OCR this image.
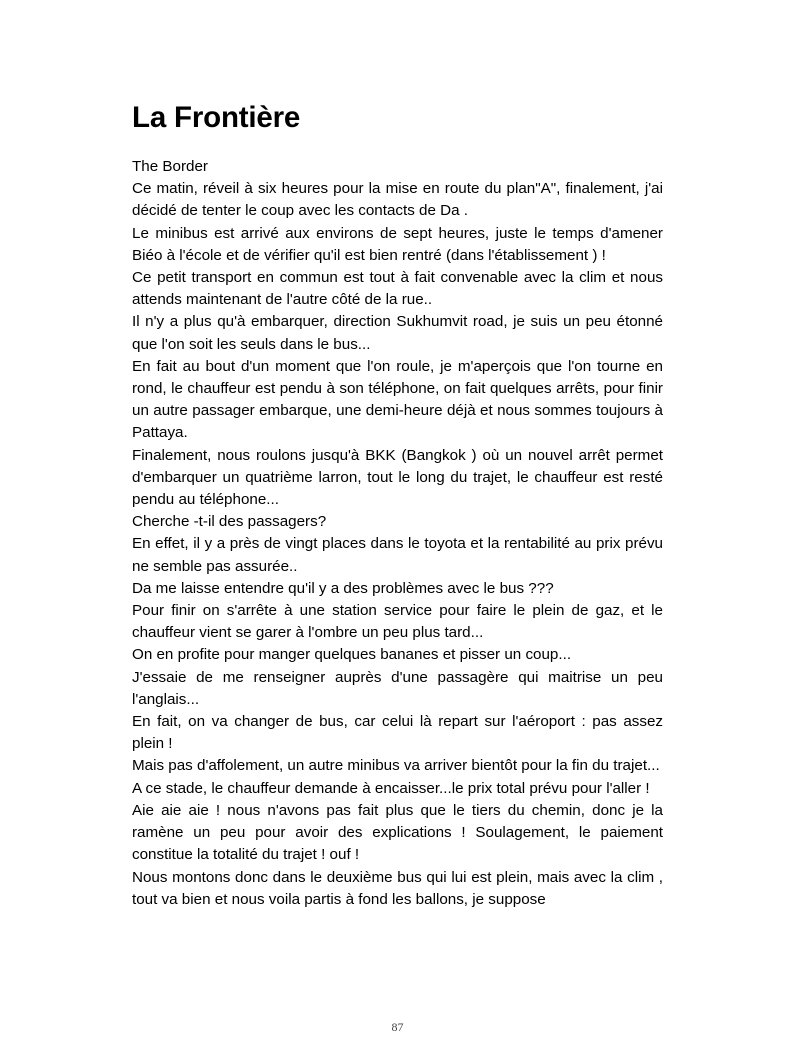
La Frontière

The Border

Ce matin, réveil à six heures pour la mise en route du plan"A", finalement, j'ai décidé de tenter le coup avec les contacts de Da .

Le minibus est arrivé aux environs de sept heures, juste le temps d'amener Biéo à l'école et de vérifier qu'il est bien rentré (dans l'établissement ) !

Ce petit transport en commun est tout à fait convenable avec la clim et nous attends maintenant de l'autre côté de la rue..

Il n'y a plus qu'à embarquer, direction Sukhumvit road, je suis un peu étonné que l'on soit les seuls dans le bus...

En fait au bout d'un moment que l'on roule, je m'aperçois que l'on tourne en rond, le chauffeur est pendu à son téléphone, on fait quelques arrêts, pour finir un autre passager embarque, une demi-heure déjà et nous sommes toujours à Pattaya.

Finalement, nous roulons jusqu'à BKK (Bangkok ) où un nouvel arrêt permet d'embarquer un quatrième larron, tout le long du trajet, le chauffeur est resté pendu au téléphone...

Cherche -t-il des passagers?

En effet, il y a près de vingt places dans le toyota et la rentabilité au prix prévu ne semble pas assurée..

Da me laisse entendre qu'il y a des problèmes avec le bus ???

Pour finir on s'arrête à une station service pour faire le plein de gaz, et le chauffeur vient se garer à l'ombre un peu plus tard...

On en profite pour manger quelques bananes et pisser un coup...

J'essaie de me renseigner auprès d'une passagère qui maitrise un peu l'anglais...

En fait, on va changer de bus, car celui là repart sur l'aéroport : pas assez plein !

Mais pas d'affolement, un autre minibus va arriver bientôt pour la fin du trajet...

A ce stade, le chauffeur demande à encaisser...le prix total prévu pour l'aller !

Aie aie aie ! nous n'avons pas fait plus que le tiers du chemin, donc je la ramène un peu pour avoir des explications ! Soulagement, le paiement constitue la totalité du trajet ! ouf !

Nous montons donc dans le deuxième bus qui lui est plein, mais avec la clim , tout va bien et nous voila partis à fond les ballons, je suppose

87
